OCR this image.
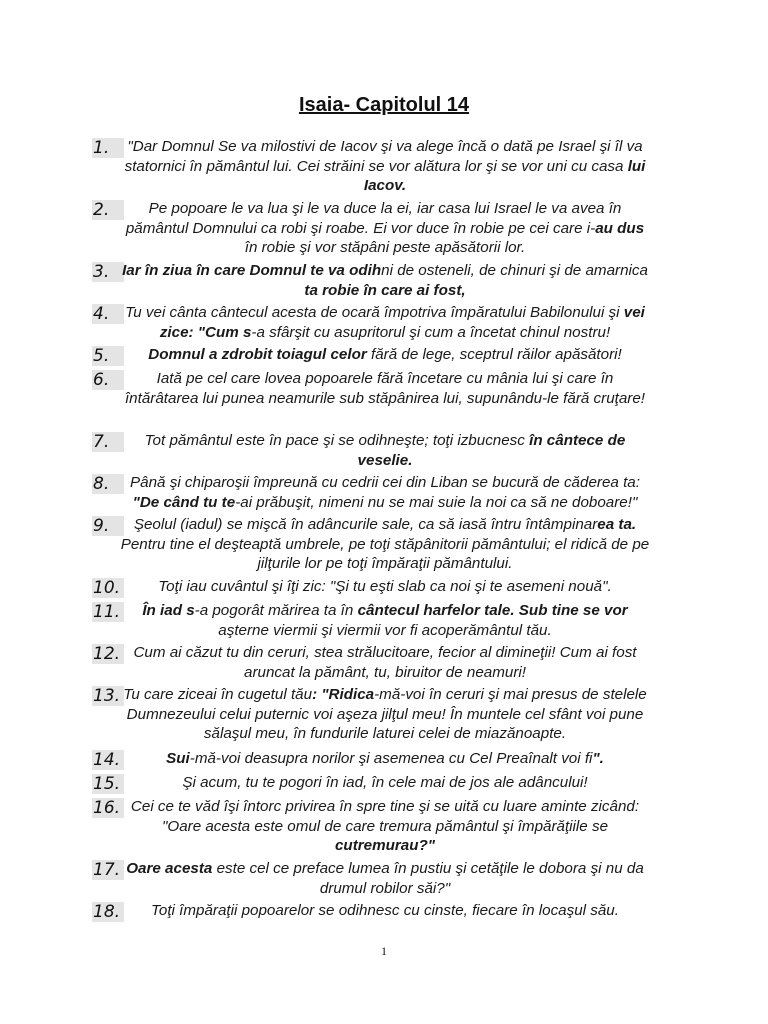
Isaia- Capitolul 14
1.	"Dar Domnul Se va milostivi de Iacov şi va alege încă o dată pe Israel şi îl va statornici în pământul lui. Cei străini se vor alătura lor şi se vor uni cu casa lui Iacov.
2.	Pe popoare le va lua şi le va duce la ei, iar casa lui Israel le va avea în pământul Domnului ca robi şi roabe. Ei vor duce în robie pe cei care i-au dus în robie şi vor stăpâni peste apăsătorii lor.
3. Iar în ziua în care Domnul te va odihni de osteneli, de chinuri şi de amarnica ta robie în care ai fost,
4.	Tu vei cânta cântecul acesta de ocară împotriva împăratului Babilonului şi vei zice: "Cum s-a sfârşit cu asupritorul şi cum a încetat chinul nostru!
5.	Domnul a zdrobit toiagul celor fără de lege, sceptrul răilor apăsători!
6.	Iată pe cel care lovea popoarele fără încetare cu mânia lui şi care în întărâtarea lui punea neamurile sub stăpânirea lui, supunându-le fără cruţare!
7.	Tot pământul este în pace şi se odihneşte; toţi izbucnesc în cântece de veselie.
8.	Până şi chiparoşii împreună cu cedrii cei din Liban se bucură de căderea ta: "De când tu te-ai prăbuşit, nimeni nu se mai suie la noi ca să ne doboare!"
9.	Şeolul (iadul) se mişcă în adâncurile sale, ca să iasă întru întâmpinarea ta. Pentru tine el deşteaptă umbrele, pe toţi stăpânitorii pământului; el ridică de pe jilţurile lor pe toţi împăraţii pământului.
10.	Toţi iau cuvântul şi îţi zic: "Şi tu eşti slab ca noi şi te asemeni nouă".
11.	În iad s-a pogorât mărirea ta în cântecul harfelor tale. Sub tine se vor aşterne viermii şi viermii vor fi acoperământul tău.
12. Cum ai căzut tu din ceruri, stea strălucitoare, fecior al dimineţii! Cum ai fost aruncat la pământ, tu, biruitor de neamuri!
13. Tu care ziceai în cugetul tău: "Ridica-mă-voi în ceruri şi mai presus de stelele Dumnezeului celui puternic voi aşeza jilţul meu! În muntele cel sfânt voi pune sălaşul meu, în fundurile laturei celei de miazănoapte.
14.	Sui-mă-voi deasupra norilor şi asemenea cu Cel Preaînalt voi fi".
15.	Şi acum, tu te pogori în iad, în cele mai de jos ale adâncului!
16. Cei ce te văd îşi întorc privirea în spre tine şi se uită cu luare aminte zicând: "Oare acesta este omul de care tremura pământul şi împărăţiile se cutremurau?"
17. Oare acesta este cel ce preface lumea în pustiu şi cetăţile le dobora şi nu da drumul robilor săi?"
18.	Toţi împăraţii popoarelor se odihnesc cu cinste, fiecare în locaşul său.
1
